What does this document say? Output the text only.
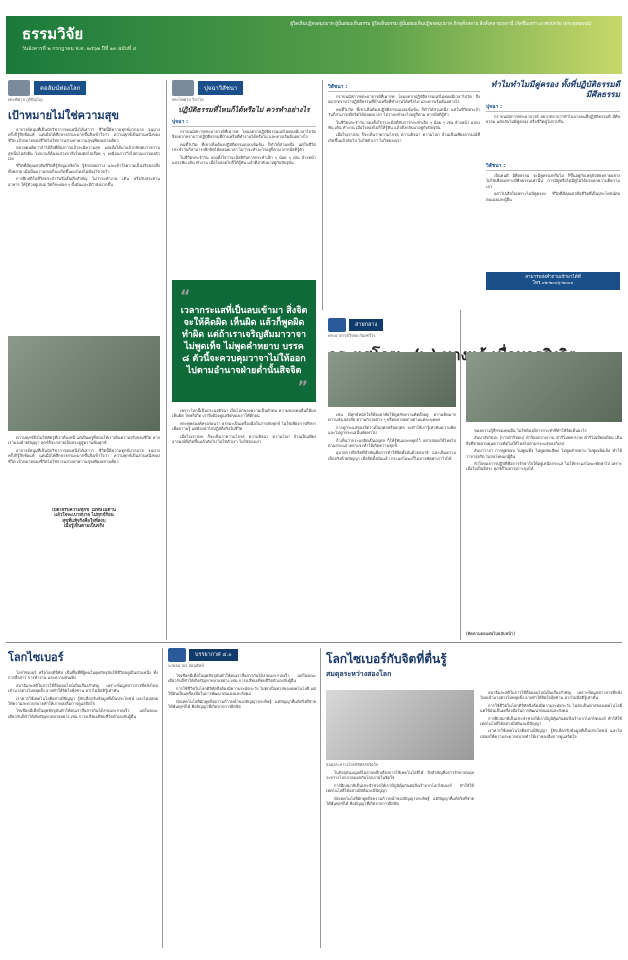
ธรรมวิจัย
วันอังคารที่ ๒ กรกฎาคม พ.ศ. ๒๕๖๒ ปีที่ ๑๓ ฉบับที่ ๔
ผู้ใดเห็นปฏิจจสมุปบาท ผู้นั้นย่อมเห็นธรรม ผู้ใดเห็นธรรม ผู้นั้นย่อมเห็นปฏิจจสมุปบาท ภิกษุทั้งหลาย สิ่งทั้งหลายเหล่านี้ เกิดขึ้นเพราะอาศัยปัจจัย (พระพุทธพจน์)
คอลัมน์ท่องโลก
พระพิศาล ภูริปัญโญ
เป้าหมายไม่ใช่ความสุข

อาจารย์หนุ่มที่เป็นนักวิชาการคนหนึ่งได้เล่าว่า ชีวิตนี้มีความทุกข์มากมาย จนบางครั้งก็รู้สึกท้อแท้ แต่เมื่อได้ศึกษาธรรมะมากขึ้นจึงเข้าใจว่า ความทุกข์เป็นส่วนหนึ่งของชีวิต เป้าหมายของชีวิตไม่ใช่การแสวงหาความสุขเพียงอย่างเดียว

หลายคนคิดว่าถ้าได้สิ่งที่ต้องการแล้วจะมีความสุข แต่เมื่อได้มาแล้วกลับพบว่าความสุขนั้นไม่ยั่งยืน ไม่นานก็ต้องแสวงหาสิ่งใหม่ต่อไปเรื่อย ๆ เหมือนการวิ่งไล่ตามเงาของตัวเอง

ชีวิตที่มีคุณค่าคือชีวิตที่รู้จักดูแลจิตใจ รู้จักปล่อยวาง และเข้าใจความเป็นจริงของสิ่งทั้งหลาย เมื่อนั้นความสงบก็จะเกิดขึ้นเองโดยไม่ต้องไขว่คว้า

การฝึกสติในชีวิตประจำวันจึงเป็นสิ่งสำคัญ ไม่ว่าจะทำงาน เดิน หรือรับประทานอาหาร ให้รู้ตัวอยู่เสมอ จิตก็จะค่อย ๆ ตั้งมั่นและมีกำลังมากขึ้น

ความทุกข์จึงไม่ใช่ศัตรูที่เราต้องหนี แต่เป็นครูที่สอนให้เราเห็นความจริงของชีวิต หากเรามองด้วยปัญญา ทุกข์ก็จะกลายเป็นประตูสู่ความพ้นทุกข์

อาจารย์หนุ่มที่เป็นนักวิชาการคนหนึ่งได้เล่าว่า ชีวิตนี้มีความทุกข์มากมาย จนบางครั้งก็รู้สึกท้อแท้ แต่เมื่อได้ศึกษาธรรมะมากขึ้นจึงเข้าใจว่า ความทุกข์เป็นส่วนหนึ่งของชีวิต เป้าหมายของชีวิตไม่ใช่การแสวงหาความสุขเพียงอย่างเดียว

เปิดใจรับความทุกข์ ไม่หนีไม่ต้าน
แล้วใจจะเบาสบาย ไม่ทุกข์ร้อน
สุขที่แท้จริงคือใจที่สงบ
เมื่อรู้เห็นตามเป็นจริง
ปุจฉาวิสัชนา
พระไพศาล วิสาโล
ปฏิบัติธรรมที่ไหนก็ได้หรือไม่ ควรทำอย่างไร
ปุจฉา :

กราบนมัสการพระอาจารย์ที่เคารพ โยมอยากปฏิบัติธรรมแต่ไม่ค่อยมีเวลาไปวัด จึงอยากทราบว่าปฏิบัติธรรมที่บ้านหรือที่ทำงานได้หรือไม่ และควรเริ่มต้นอย่างไร

คนที่ไปวัด ที่เขาเห็นต้องปฏิบัติธรรมแบบเข้มข้น ก็ทำได้ส่วนหนึ่ง แต่ในชีวิตประจำวันก็สามารถฝึกจิตได้ตลอดเวลา ไม่ว่าจะทำอะไรอยู่ก็ตาม หากมีสติรู้ตัว

ในชีวิตประจำวัน ลองตั้งใจว่าจะมีสติกับการกระทำเล็ก ๆ น้อย ๆ เช่น ล้างหน้า แปรงฟัน เดิน ทำงาน เมื่อใจลอยไปก็ให้รู้ทัน แล้วดึงกลับมาอยู่กับปัจจุบัน

วิสัชนา :

กราบนมัสการพระอาจารย์ที่เคารพ โยมอยากปฏิบัติธรรมแต่ไม่ค่อยมีเวลาไปวัด จึงอยากทราบว่าปฏิบัติธรรมที่บ้านหรือที่ทำงานได้หรือไม่ และควรเริ่มต้นอย่างไร

คนที่ไปวัด ที่เขาเห็นต้องปฏิบัติธรรมแบบเข้มข้น ก็ทำได้ส่วนหนึ่ง แต่ในชีวิตประจำวันก็สามารถฝึกจิตได้ตลอดเวลา ไม่ว่าจะทำอะไรอยู่ก็ตาม หากมีสติรู้ตัว

ในชีวิตประจำวัน ลองตั้งใจว่าจะมีสติกับการกระทำเล็ก ๆ น้อย ๆ เช่น ล้างหน้า แปรงฟัน เดิน ทำงาน เมื่อใจลอยไปก็ให้รู้ทัน แล้วดึงกลับมาอยู่กับปัจจุบัน

เมื่อใจเราสงบ ก็จะเห็นว่าความโกรธ ความอิจฉา ความโลภ ล้วนเป็นเพียงอารมณ์ที่เกิดขึ้นแล้วดับไป ไม่ใช่ตัวเรา ไม่ใช่ของเรา

ทำไมทำไมมีคู่ครอง ทั้งที่ปฏิบัติธรรมดีมีศีลธรรม
ปุจฉา :

กราบนมัสการพระอาจารย์ อยากทราบว่าทำไมบางคนที่ปฏิบัติธรรมดี มีศีลธรรม แต่กลับไม่มีคู่ครอง หรือชีวิตคู่ไม่ราบรื่น

วิสัชนา :

เป็นคนดี มีศีลธรรม จะมีคู่ครองหรือไม่ ก็ขึ้นอยู่กับเหตุปัจจัยหลายอย่าง ไม่ใช่เพียงเพราะมีศีลธรรมเท่านั้น การมีคู่หรือไม่มีคู่ไม่ได้บ่งบอกความดีความเลว

อย่าไปเสียใจเพราะไม่มีคู่ครอง ชีวิตที่มีคุณค่าคือชีวิตที่เป็นประโยชน์ต่อตนเองและผู้อื่น

สามารถส่งคำถามเข้ามาได้ที่
โทร.๐๒-๒๐๐๖-๒๐๐๐
“
เวลากระแสที่เป็นลบเข้ามา สิ่งจิตจะให้คิดผิด เห็นผิด แล้วก็พูดผิด ทำผิด แต่ถ้าเราเจริญสัมมาวาจา ไม่พูดเท็จ ไม่พูดคำหยาบ บรรค ๘ ตัวนี้จะควบคุมวาจาไม่ให้ออกไปตามอำนาจฝ่ายต่ำนั้นสิจจิต
”

เพราะโลกนี้เป็นกระแสอิจฉา เป็นโลกของความเป็นตัวตน ความของคนอื่นก็มีผล เห็นผิด โทษก็เกิด เราจึงต้องดูแลจิตของเราให้ดีก่อน

พระพุทธองค์ทรงสอนว่า ธรรมะเป็นเครื่องมือในการดับทุกข์ ไม่ใช่เพียงการศึกษาเพื่อความรู้ แต่ต้องนำไปปฏิบัติจริงในชีวิต

เมื่อใจเราสงบ ก็จะเห็นว่าความโกรธ ความอิจฉา ความโลภ ล้วนเป็นเพียงอารมณ์ที่เกิดขึ้นแล้วดับไป ไม่ใช่ตัวเรา ไม่ใช่ของเรา

สายกลาง
พระอาจารย์วีรพล กัณฑวีโร
ทางแก้

เช่น มีทุกข์หนักใจก็ต้องอาศัยให้ดูหลักความคิดตั้งอยู่ ความคิดมาก ความลังเลสงสัย ความกังวลต่าง ๆ หรือหลายอย่างตามแต่ละบุคคล

การดูกระแสของจิตว่าเป็นกุศลหรืออกุศล จะทำให้เรารู้เท่าทันความคิด และไม่ถูกกระแสนั้นพัดพาไป

ถ้าเห็นว่ากระแสจิตเป็นอกุศล ก็ให้รู้ทันและหยุดไว้ อย่าปล่อยให้ไหลไปตามกระแส เพราะจะทำให้เกิดความทุกข์

อุบายการฝึกจิตที่สำคัญคือการทำให้จิตตั้งมั่นด้วยสมาธิ และเห็นความเป็นจริงด้วยปัญญา เมื่อจิตตั้งมั่นแล้ว กระแสโอฆะก็ไม่อาจพัดพาเราไปได้

ของความรู้สึกของคนอื่น ไม่ใช่ต้องมีการกระทำที่ทำให้จิตเห็นอะไร

สัมมาสังกัปปะ (การดำริชอบ) ดำริออกจากกาม ดำริไม่พยาบาท ดำริไม่เบียดเบียน เป็นสิ่งที่ช่วยควบคุมความคิดไม่ให้ไหลไปตามกระแสของกิเลส

สัมมาวาจา การพูดชอบ ไม่พูดเท็จ ไม่พูดส่อเสียด ไม่พูดคำหยาบ ไม่พูดเพ้อเจ้อ ทำให้วาจาสุจริต ไม่ก่อโทษแก่ผู้อื่น

หัวใจของการปฏิบัติคือการรักษาใจให้อยู่เหนือกระแส ไม่ให้กระแสโอฆะพัดพาไป เพราะเมื่อใจเป็นอิสระ ทุกข์ก็ไม่อาจเกาะกุมได้

(ติดตามตอนต่อไปฉบับหน้า)
โลกไซเบอร์

โลกไซเบอร์ หรือโลกดิจิทัล เป็นพื้นที่ที่ผู้คนในยุคปัจจุบันใช้ชีวิตอยู่เป็นส่วนหนึ่ง ทั้งการสื่อสาร การทำงาน และความบันเทิง

สมาธิและสติในการใช้สื่อออนไลน์เป็นเรื่องสำคัญ เพราะข้อมูลข่าวสารที่หลั่งไหลเข้ามาอย่างไม่หยุดยั้ง อาจทำให้จิตใจฟุ้งซ่าน หากไม่มีสติรู้เท่าทัน

เราควรใช้เทคโนโลยีอย่างมีปัญญา รู้จักเลือกรับข้อมูลที่เป็นประโยชน์ และไม่ปล่อยให้ความสะดวกสบายทำให้เราหลงลืมการดูแลจิตใจ

โซเชียลมีเดียในยุคปัจจุบันทำให้คนเราสื่อสารกันได้ง่ายและรวดเร็ว แต่ในขณะเดียวกันก็ทำให้เกิดปัญหาหลายอย่าง เช่น การเปรียบเทียบชีวิตตัวเองกับผู้อื่น

บรรยากาศ ๔.๐
นายธนาธร สอนศิลป์

โซเชียลมีเดียในยุคปัจจุบันทำให้คนเราสื่อสารกันได้ง่ายและรวดเร็ว แต่ในขณะเดียวกันก็ทำให้เกิดปัญหาหลายอย่าง เช่น การเปรียบเทียบชีวิตตัวเองกับผู้อื่น

การใช้ชีวิตในโลกดิจิทัลจึงต้องมีความระมัดระวัง ไม่ตกเป็นทาสของเทคโนโลยี แต่ใช้มันเป็นเครื่องมือในการพัฒนาตนเองและสังคม

นักเทคโนโลยีมักพูดถึงความก้าวหน้าของปัญญาประดิษฐ์ แต่ปัญญาที่แท้จริงที่ช่วยให้พ้นทุกข์ได้ คือปัญญาที่เกิดจากการฝึกจิต

โลกไซเบอร์กับจิตที่ตื่นรู้
สมดุลระหว่างสองโลก
สมดุลระหว่างโลกดิจิทัลกับจิตใจ

ในปัจจุบันมนุษย์ไม่อาจหลีกเลี่ยงการใช้เทคโนโลยีได้ สิ่งสำคัญคือการรักษาสมดุลระหว่างโลกภายนอกกับโลกภายในจิตใจ

การฝึกสมาธิเป็นประจำช่วยให้เรามีภูมิคุ้มกันต่อสิ่งเร้าจากโลกไซเบอร์ ทำให้ใช้เทคโนโลยีได้อย่างมีสติและมีปัญญา

นักเทคโนโลยีมักพูดถึงความก้าวหน้าของปัญญาประดิษฐ์ แต่ปัญญาที่แท้จริงที่ช่วยให้พ้นทุกข์ได้ คือปัญญาที่เกิดจากการฝึกจิต

สมาธิและสติในการใช้สื่อออนไลน์เป็นเรื่องสำคัญ เพราะข้อมูลข่าวสารที่หลั่งไหลเข้ามาอย่างไม่หยุดยั้ง อาจทำให้จิตใจฟุ้งซ่าน หากไม่มีสติรู้เท่าทัน

การใช้ชีวิตในโลกดิจิทัลจึงต้องมีความระมัดระวัง ไม่ตกเป็นทาสของเทคโนโลยี แต่ใช้มันเป็นเครื่องมือในการพัฒนาตนเองและสังคม

การฝึกสมาธิเป็นประจำช่วยให้เรามีภูมิคุ้มกันต่อสิ่งเร้าจากโลกไซเบอร์ ทำให้ใช้เทคโนโลยีได้อย่างมีสติและมีปัญญา

เราควรใช้เทคโนโลยีอย่างมีปัญญา รู้จักเลือกรับข้อมูลที่เป็นประโยชน์ และไม่ปล่อยให้ความสะดวกสบายทำให้เราหลงลืมการดูแลจิตใจ
